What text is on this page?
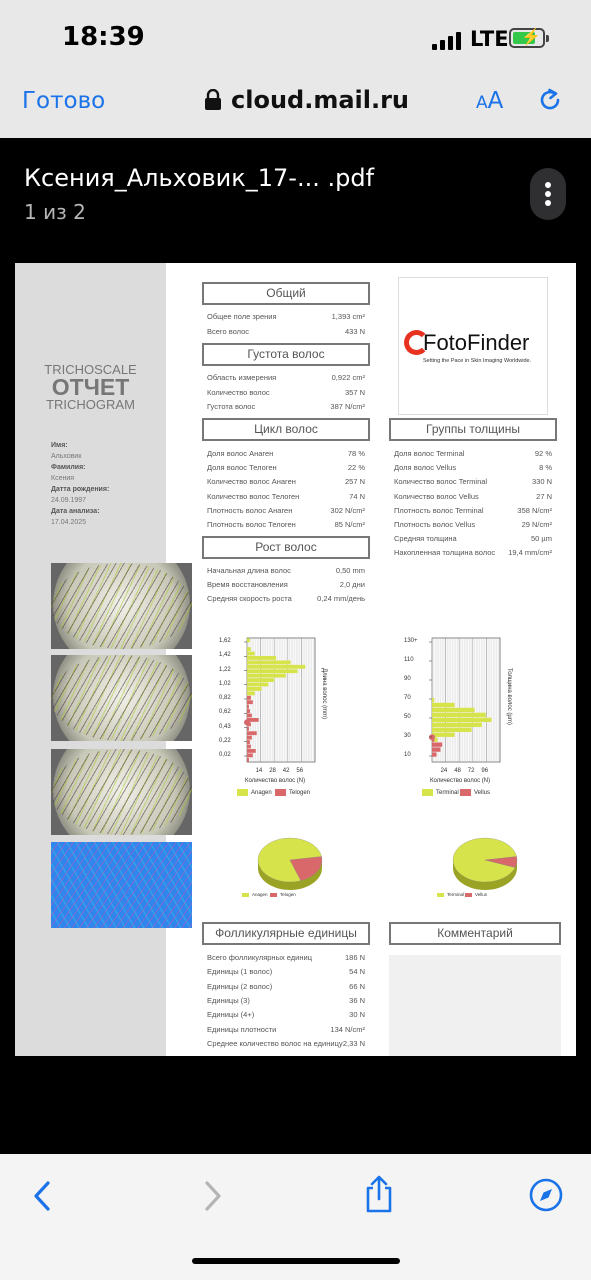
18:39	LTE ⚡
Готово	cloud.mail.ru	AA
Ксения_Альховик_17-... .pdf
1 из 2
TRICHOSCALE
ОТЧЕТ
TRICHOGRAM
Имя:
Альховик
Фамилия:
Ксения
Датта рождения:
24.09.1997
Дата анализа:
17.04.2025
Общий
Общее поле зрения	1,393 cm²
Всего волос	433 N
Густота волос
Область измерения	0,922 cm²
Количество волос	357 N
Густота волос	387 N/cm²
Цикл волос
Доля волос Анаген	78 %
Доля волос Телоген	22 %
Количество волос Анаген	257 N
Количество волос Телоген	74 N
Плотность волос Анаген	302 N/cm²
Плотность волос Телоген	85 N/cm²
Рост волос
Начальная длина волос	0,50 mm
Время восстановления	2,0 дни
Средняя скорость роста	0,24 mm/день
Группы толщины
Доля волос Terminal	92 %
Доля волос Vellus	8 %
Количество волос Terminal	330 N
Количество волос Vellus	27 N
Плотность волос Terminal	358 N/cm²
Плотность волос Vellus	29 N/cm²
Средняя толщина	50 µm
Накопленная толщина волос 19,4 mm/cm²
Фолликулярные единицы
Всего фолликулярных единиц	186 N
Единицы (1 волос)	54 N
Единицы (2 волос)	66 N
Единицы (3)	36 N
Единицы (4+)	30 N
Единицы плотности	134 N/cm²
Среднее количество волос на единицу 2,33 N
Комментарий
FotoFinder
Setting the Pace in Skin Imaging Worldwide.
1,62
1,42
1,22
1,02
0,82
0,62
0,43
0,22
0,02
14 28 42 56
Количество волос (N)
Длина волос (mm)
Anagen	Telogen
130+
110
90
70
50
30
10
24 48 72 96
Количество волос (N)
Толщина волос (µm)
Terminal	Vellus
Anagen	Telogen	Terminal	Vellus
